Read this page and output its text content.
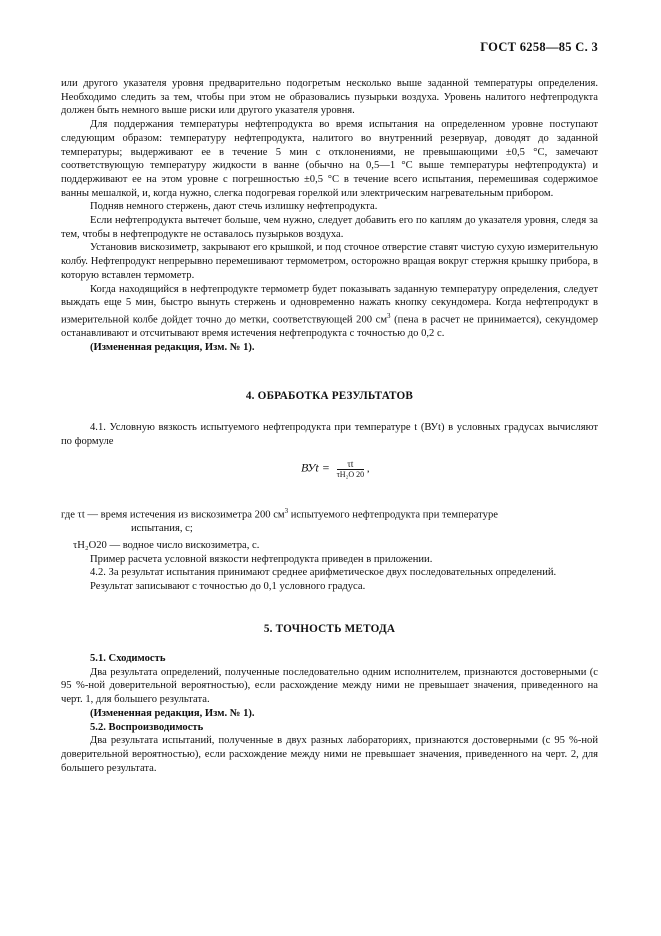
ГОСТ 6258—85 С. 3

или другого указателя уровня предварительно подогретым несколько выше заданной температуры определения. Необходимо следить за тем, чтобы при этом не образовались пузырьки воздуха. Уровень налитого нефтепродукта должен быть немного выше риски или другого указателя уровня.

Для поддержания температуры нефтепродукта во время испытания на определенном уровне поступают следующим образом: температуру нефтепродукта, налитого во внутренний резервуар, доводят до заданной температуры; выдерживают ее в течение 5 мин с отклонениями, не превышающими ±0,5 °С, замечают соответствующую температуру жидкости в ванне (обычно на 0,5—1 °С выше температуры нефтепродукта) и поддерживают ее на этом уровне с погрешностью ±0,5 °С в течение всего испытания, перемешивая содержимое ванны мешалкой, и, когда нужно, слегка подогревая горелкой или электрическим нагревательным прибором.

Подняв немного стержень, дают стечь излишку нефтепродукта.

Если нефтепродукта вытечет больше, чем нужно, следует добавить его по каплям до указателя уровня, следя за тем, чтобы в нефтепродукте не оставалось пузырьков воздуха.

Установив вискозиметр, закрывают его крышкой, и под сточное отверстие ставят чистую сухую измерительную колбу. Нефтепродукт непрерывно перемешивают термометром, осторожно вращая вокруг стержня крышку прибора, в которую вставлен термометр.

Когда находящийся в нефтепродукте термометр будет показывать заданную температуру определения, следует выждать еще 5 мин, быстро вынуть стержень и одновременно нажать кнопку секундомера. Когда нефтепродукт в измерительной колбе дойдет точно до метки, соответствующей 200 $см^3$ (пена в расчет не принимается), секундомер останавливают и отсчитывают время истечения нефтепродукта с точностью до 0,2 с.

(Измененная редакция, Изм. № 1).

4. ОБРАБОТКА РЕЗУЛЬТАТОВ

4.1. Условную вязкость испытуемого нефтепродукта при температуре t (ВУt) в условных градусах вычисляют по формуле

ВУt = $\frac{\tau t}{\text{τH₂O 20}}$ ,

где τt — время истечения из вискозиметра 200 $см^3$ испытуемого нефтепродукта при температуре

испытания, с;

τH₂O20 — водное число вискозиметра, с.

Пример расчета условной вязкости нефтепродукта приведен в приложении.

4.2. За результат испытания принимают среднее арифметическое двух последовательных определений.

Результат записывают с точностью до 0,1 условного градуса.

5. ТОЧНОСТЬ МЕТОДА

5.1. Сходимость

Два результата определений, полученные последовательно одним исполнителем, признаются достоверными (с 95 %-ной доверительной вероятностью), если расхождение между ними не превышает значения, приведенного на черт. 1, для большего результата.

(Измененная редакция, Изм. № 1).

5.2. Воспроизводимость

Два результата испытаний, полученные в двух разных лабораториях, признаются достоверными (с 95 %-ной доверительной вероятностью), если расхождение между ними не превышает значения, приведенного на черт. 2, для большего результата.
